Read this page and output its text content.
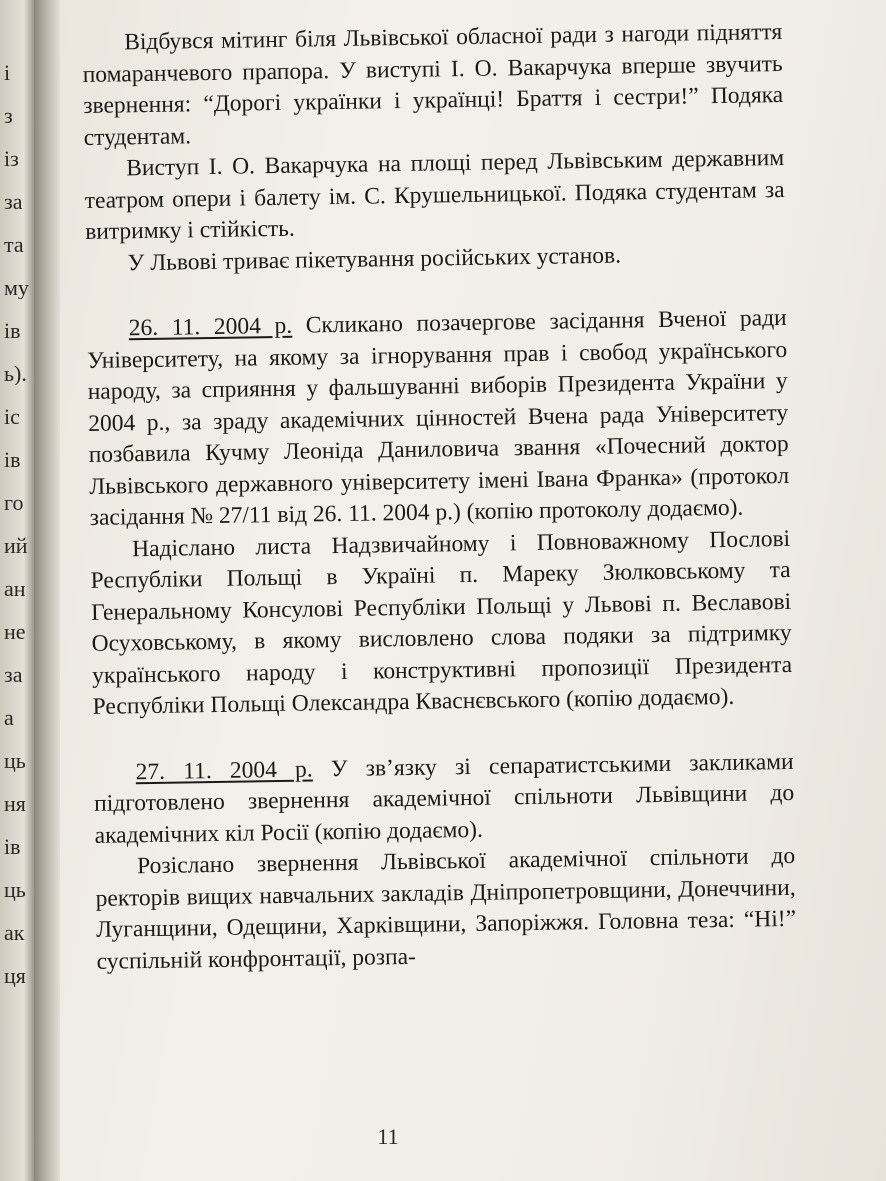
і
з
із
за
та
му
ів
ь).
іс
ів
го
ий
ан
не
за
а
ць
ня
ів
ць
ак
ця

Відбувся мітинг біля Львівської обласної ради з нагоди підняття помаранчевого прапора. У виступі І. О. Вакарчука вперше звучить звернення: “Дорогі українки і українці! Браття і сестри!” Подяка студентам.

Виступ І. О. Вакарчука на площі перед Львівським державним театром опери і балету ім. С. Крушельницької. Подяка студентам за витримку і стійкість.

У Львові триває пікетування російських установ.

26. 11. 2004 р. Скликано позачергове засідання Вченої ради Університету, на якому за ігнорування прав і свобод українського народу, за сприяння у фальшуванні виборів Президента України у 2004 р., за зраду академічних цінностей Вчена рада Університету позбавила Кучму Леоніда Даниловича звання «Почесний доктор Львівського державного університету імені Івана Франка» (протокол засідання № 27/11 від 26. 11. 2004 р.) (копію протоколу додаємо).

Надіслано листа Надзвичайному і Повноважному Послові Республіки Польщі в Україні п. Мареку Зюлковському та Генеральному Консулові Республіки Польщі у Львові п. Веславові Осуховському, в якому висловлено слова подяки за підтримку українського народу і конструктивні пропозиції Президента Республіки Польщі Олександра Кваснєвського (копію додаємо).

27. 11. 2004 р. У зв’язку зі сепаратистськими закликами підготовлено звернення академічної спільноти Львівщини до академічних кіл Росії (копію додаємо).

Розіслано звернення Львівської академічної спільноти до ректорів вищих навчальних закладів Дніпропетровщини, Донеччини, Луганщини, Одещини, Харківщини, Запоріжжя. Головна теза: “Ні!” суспільній конфронтації, розпа-

11
